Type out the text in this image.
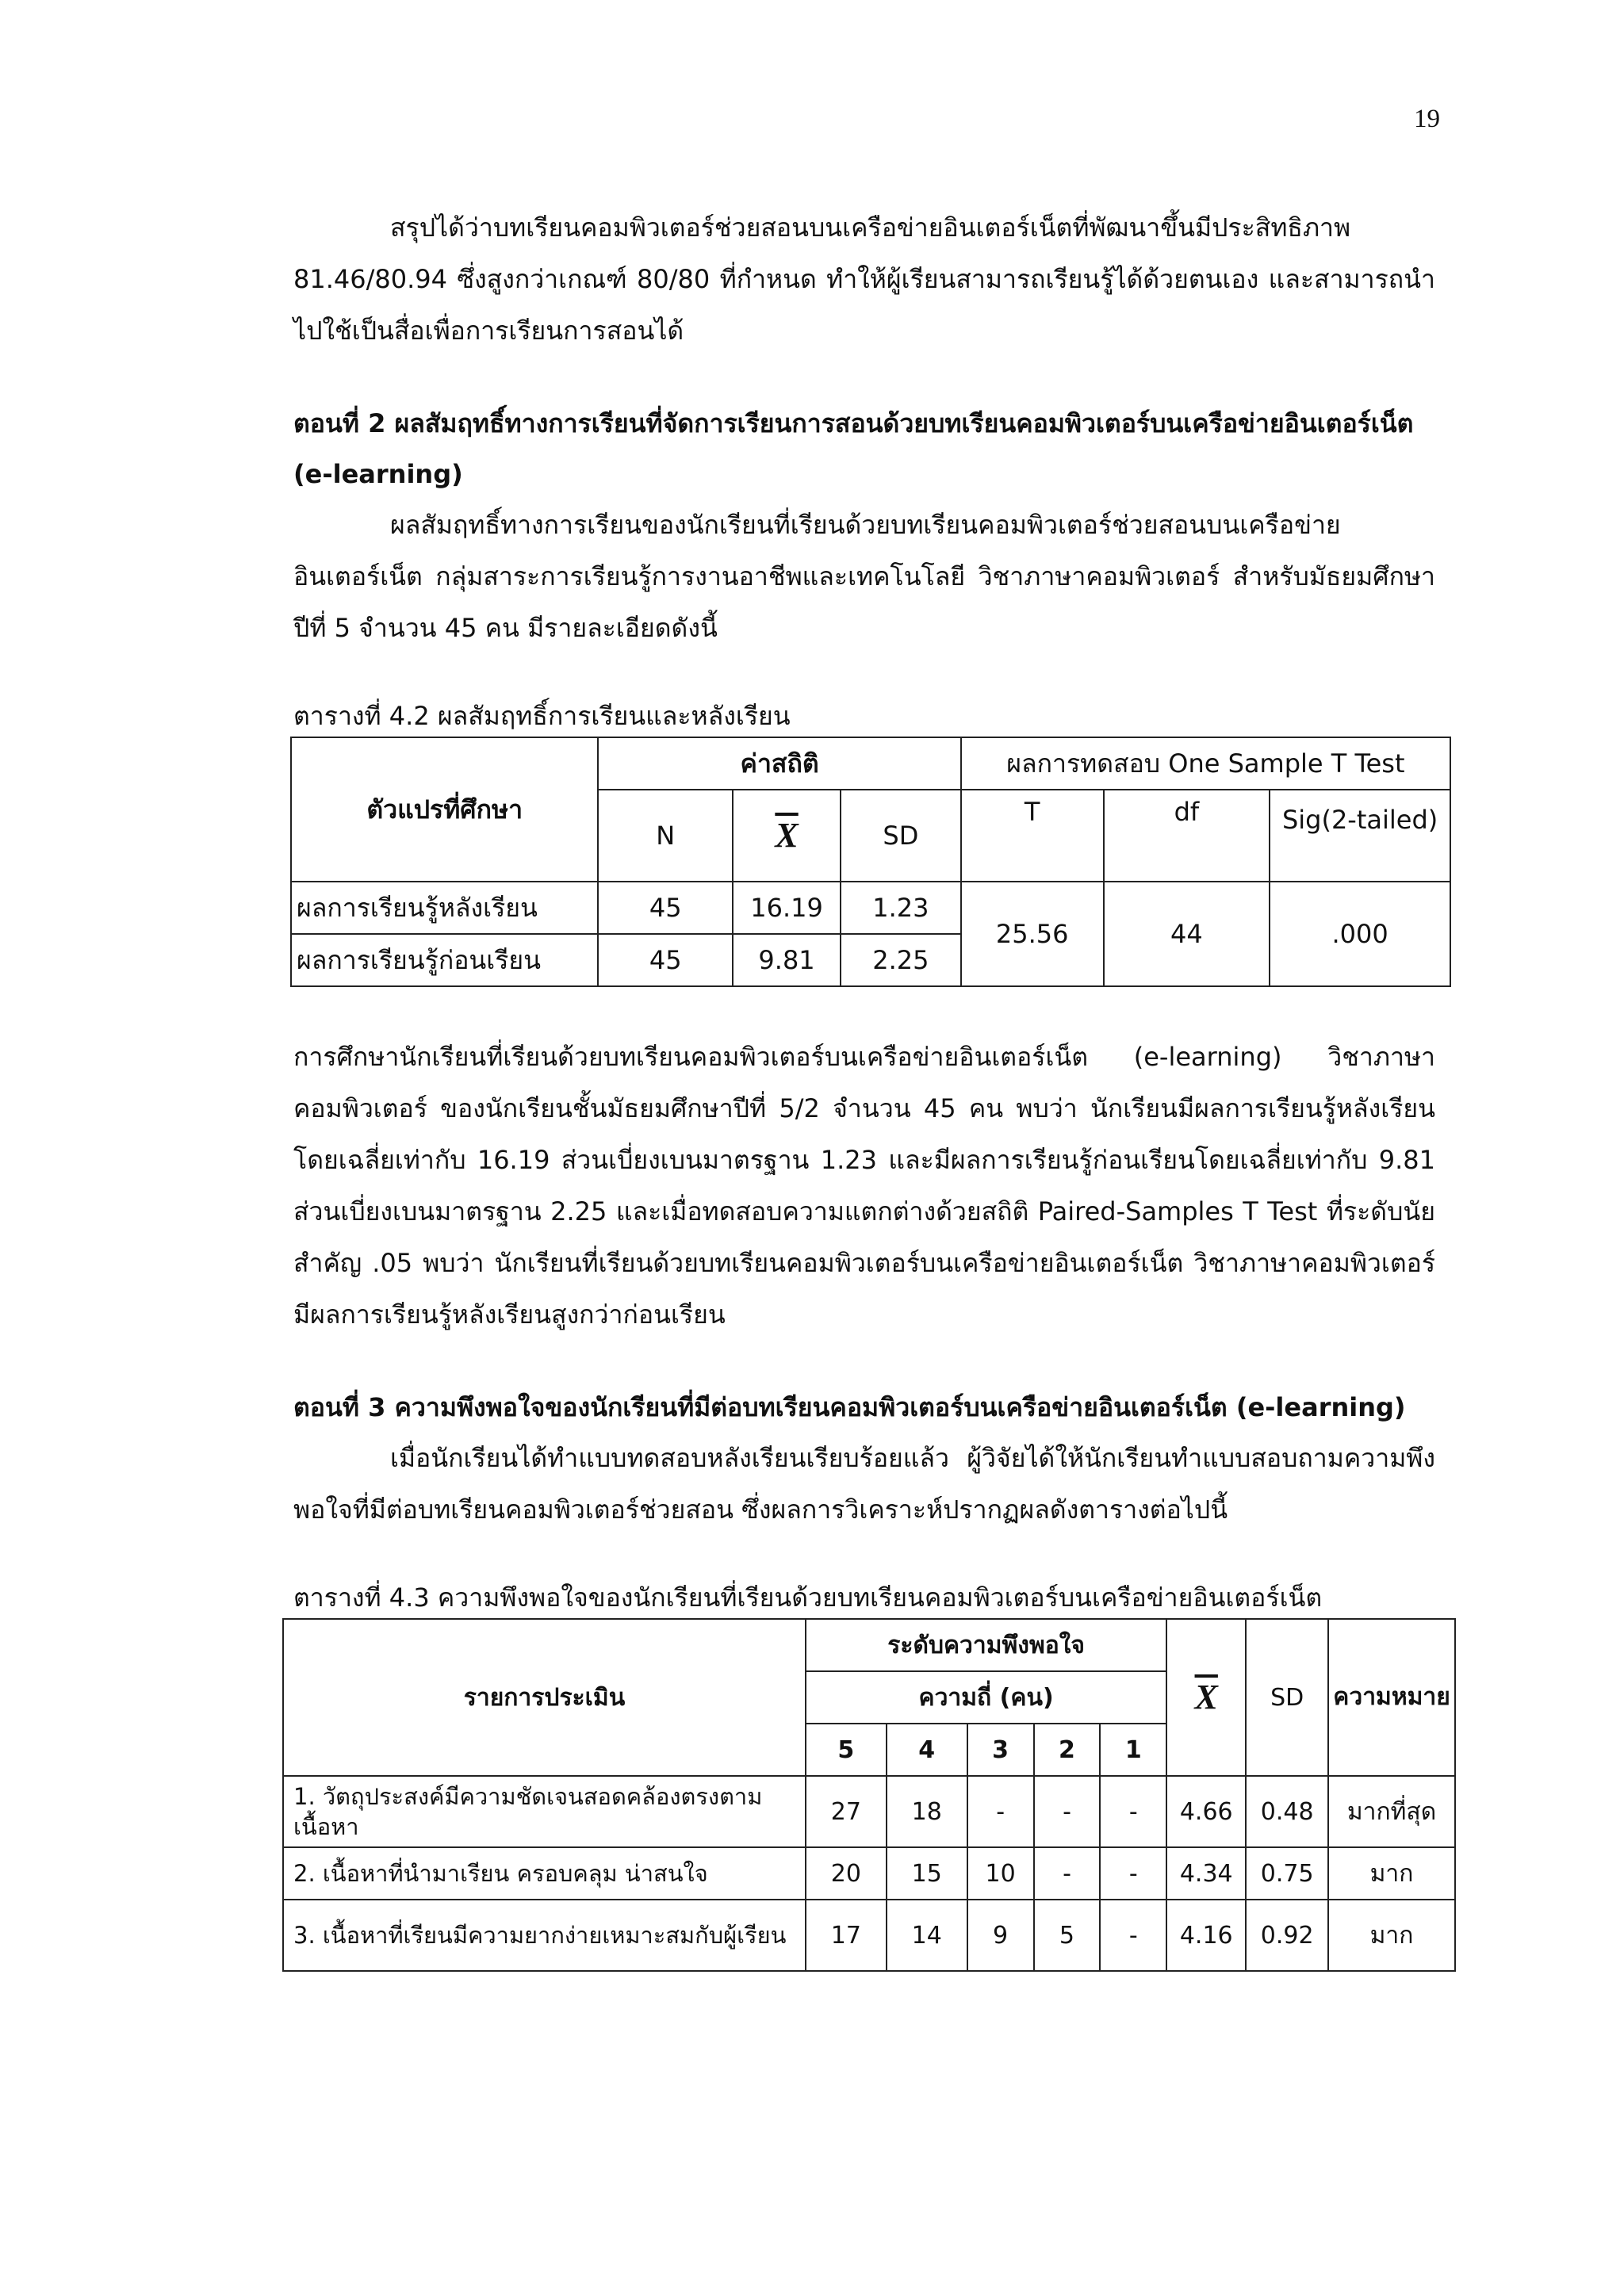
19

สรุปได้ว่าบทเรียนคอมพิวเตอร์ช่วยสอนบนเครือข่ายอินเตอร์เน็ตที่พัฒนาขึ้นมีประสิทธิภาพ 81.46/80.94 ซึ่งสูงกว่าเกณฑ์ 80/80 ที่กำหนด ทำให้ผู้เรียนสามารถเรียนรู้ได้ด้วยตนเอง และสามารถนำไปใช้เป็นสื่อเพื่อการเรียนการสอนได้

ตอนที่ 2 ผลสัมฤทธิ์ทางการเรียนที่จัดการเรียนการสอนด้วยบทเรียนคอมพิวเตอร์บนเครือข่ายอินเตอร์เน็ต (e-learning)

ผลสัมฤทธิ์ทางการเรียนของนักเรียนที่เรียนด้วยบทเรียนคอมพิวเตอร์ช่วยสอนบนเครือข่ายอินเตอร์เน็ต กลุ่มสาระการเรียนรู้การงานอาชีพและเทคโนโลยี วิชาภาษาคอมพิวเตอร์ สำหรับมัธยมศึกษาปีที่ 5 จำนวน 45 คน มีรายละเอียดดังนี้

ตารางที่ 4.2 ผลสัมฤทธิ์การเรียนและหลังเรียน

ตัวแปรที่ศึกษา	ค่าสถิติ			ผลการทดสอบ One Sample T Test		
	N	$\overline{X}$	SD	T	df	Sig(2-tailed)
ผลการเรียนรู้หลังเรียน	45	16.19	1.23	25.56	44	.000
ผลการเรียนรู้ก่อนเรียน	45	9.81	2.25			

การศึกษานักเรียนที่เรียนด้วยบทเรียนคอมพิวเตอร์บนเครือข่ายอินเตอร์เน็ต (e-learning) วิชาภาษาคอมพิวเตอร์ ของนักเรียนชั้นมัธยมศึกษาปีที่ 5/2 จำนวน 45 คน พบว่า นักเรียนมีผลการเรียนรู้หลังเรียนโดยเฉลี่ยเท่ากับ 16.19 ส่วนเบี่ยงเบนมาตรฐาน 1.23 และมีผลการเรียนรู้ก่อนเรียนโดยเฉลี่ยเท่ากับ 9.81 ส่วนเบี่ยงเบนมาตรฐาน 2.25 และเมื่อทดสอบความแตกต่างด้วยสถิติ Paired-Samples T Test ที่ระดับนัยสำคัญ .05 พบว่า นักเรียนที่เรียนด้วยบทเรียนคอมพิวเตอร์บนเครือข่ายอินเตอร์เน็ต วิชาภาษาคอมพิวเตอร์ มีผลการเรียนรู้หลังเรียนสูงกว่าก่อนเรียน

ตอนที่ 3 ความพึงพอใจของนักเรียนที่มีต่อบทเรียนคอมพิวเตอร์บนเครือข่ายอินเตอร์เน็ต (e-learning)

เมื่อนักเรียนได้ทำแบบทดสอบหลังเรียนเรียบร้อยแล้ว ผู้วิจัยได้ให้นักเรียนทำแบบสอบถามความพึงพอใจที่มีต่อบทเรียนคอมพิวเตอร์ช่วยสอน ซึ่งผลการวิเคราะห์ปรากฏผลดังตารางต่อไปนี้

ตารางที่ 4.3 ความพึงพอใจของนักเรียนที่เรียนด้วยบทเรียนคอมพิวเตอร์บนเครือข่ายอินเตอร์เน็ต

รายการประเมิน	ระดับความพึงพอใจ					$\overline{X}$	SD	ความหมาย
	ความถี่ (คน)							
	5	4	3	2	1			
1. วัตถุประสงค์มีความชัดเจนสอดคล้องตรงตามเนื้อหา	27	18	-	-	-	4.66	0.48	มากที่สุด
2. เนื้อหาที่นำมาเรียน ครอบคลุม น่าสนใจ	20	15	10	-	-	4.34	0.75	มาก
3. เนื้อหาที่เรียนมีความยากง่ายเหมาะสมกับผู้เรียน	17	14	9	5	-	4.16	0.92	มาก
